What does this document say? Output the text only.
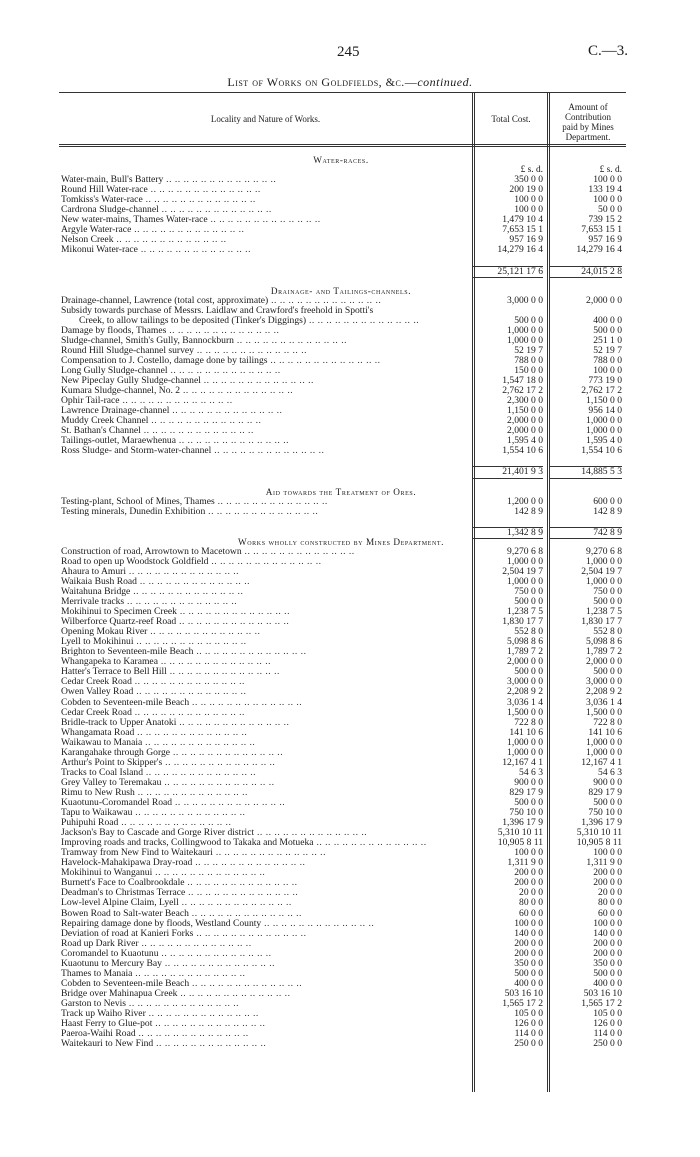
245	C.—3.
List of Works on Goldfields, &c.—continued.
Locality and Nature of Works.	Total Cost.
Amount of
Contribution
paid by Mines
Department.
Water-races.
£ s. d.	£ s. d.
Water-main, Bull's Battery .. .. .. .. .. .. .. .. .. .. .. .. ..	350 0 0	100 0 0
Round Hill Water-race .. .. .. .. .. .. .. .. .. .. .. .. ..	200 19 0	133 19 4
Tomkiss's Water-race .. .. .. .. .. .. .. .. .. .. .. .. ..	100 0 0	100 0 0
Cardrona Sludge-channel .. .. .. .. .. .. .. .. .. .. .. .. ..	100 0 0	50 0 0
New water-mains, Thames Water-race .. .. .. .. .. .. .. .. .. .. .. .. ..	1,479 10 4	739 15 2
Argyle Water-race .. .. .. .. .. .. .. .. .. .. .. .. ..	7,653 15 1	7,653 15 1
Nelson Creek .. .. .. .. .. .. .. .. .. .. .. .. ..	957 16 9	957 16 9
Mikonui Water-race .. .. .. .. .. .. .. .. .. .. .. .. ..	14,279 16 4	14,279 16 4
25,121 17 6	24,015 2 8
Drainage- and Tailings-channels.
Drainage-channel, Lawrence (total cost, approximate) .. .. .. .. .. .. .. .. .. .. .. .. ..	3,000 0 0	2,000 0 0
Subsidy towards purchase of Messrs. Laidlaw and Crawford's freehold in Spotti's
Creek, to allow tailings to be deposited (Tinker's Diggings) .. .. .. .. .. .. .. .. .. .. .. .. ..	500 0 0	400 0 0
Damage by floods, Thames .. .. .. .. .. .. .. .. .. .. .. .. ..	1,000 0 0	500 0 0
Sludge-channel, Smith's Gully, Bannockburn .. .. .. .. .. .. .. .. .. .. .. .. ..	1,000 0 0	251 1 0
Round Hill Sludge-channel survey .. .. .. .. .. .. .. .. .. .. .. .. ..	52 19 7	52 19 7
Compensation to J. Costello, damage done by tailings .. .. .. .. .. .. .. .. .. .. .. .. ..	788 0 0	788 0 0
Long Gully Sludge-channel .. .. .. .. .. .. .. .. .. .. .. .. ..	150 0 0	100 0 0
New Pipeclay Gully Sludge-channel .. .. .. .. .. .. .. .. .. .. .. .. ..	1,547 18 0	773 19 0
Kumara Sludge-channel, No. 2 .. .. .. .. .. .. .. .. .. .. .. .. ..	2,762 17 2	2,762 17 2
Ophir Tail-race .. .. .. .. .. .. .. .. .. .. .. .. ..	2,300 0 0	1,150 0 0
Lawrence Drainage-channel .. .. .. .. .. .. .. .. .. .. .. .. ..	1,150 0 0	956 14 0
Muddy Creek Channel .. .. .. .. .. .. .. .. .. .. .. .. ..	2,000 0 0	1,000 0 0
St. Bathan's Channel .. .. .. .. .. .. .. .. .. .. .. .. ..	2,000 0 0	1,000 0 0
Tailings-outlet, Maraewhenua .. .. .. .. .. .. .. .. .. .. .. .. ..	1,595 4 0	1,595 4 0
Ross Sludge- and Storm-water-channel .. .. .. .. .. .. .. .. .. .. .. .. ..	1,554 10 6	1,554 10 6
21,401 9 3	14,885 5 3
Aid towards the Treatment of Ores.
Testing-plant, School of Mines, Thames .. .. .. .. .. .. .. .. .. .. .. .. ..	1,200 0 0	600 0 0
Testing minerals, Dunedin Exhibition .. .. .. .. .. .. .. .. .. .. .. .. ..	142 8 9	142 8 9
1,342 8 9	742 8 9
Works wholly constructed by Mines Department.
Construction of road, Arrowtown to Macetown .. .. .. .. .. .. .. .. .. .. .. .. ..	9,270 6 8	9,270 6 8
Road to open up Woodstock Goldfield .. .. .. .. .. .. .. .. .. .. .. .. ..	1,000 0 0	1,000 0 0
Ahaura to Amuri .. .. .. .. .. .. .. .. .. .. .. .. ..	2,504 19 7	2,504 19 7
Waikaia Bush Road .. .. .. .. .. .. .. .. .. .. .. .. ..	1,000 0 0	1,000 0 0
Waitahuna Bridge .. .. .. .. .. .. .. .. .. .. .. .. ..	750 0 0	750 0 0
Merrivale tracks .. .. .. .. .. .. .. .. .. .. .. .. ..	500 0 0	500 0 0
Mokihinui to Specimen Creek .. .. .. .. .. .. .. .. .. .. .. .. ..	1,238 7 5	1,238 7 5
Wilberforce Quartz-reef Road .. .. .. .. .. .. .. .. .. .. .. .. ..	1,830 17 7	1,830 17 7
Opening Mokau River .. .. .. .. .. .. .. .. .. .. .. .. ..	552 8 0	552 8 0
Lyell to Mokihinui .. .. .. .. .. .. .. .. .. .. .. .. ..	5,098 8 6	5,098 8 6
Brighton to Seventeen-mile Beach .. .. .. .. .. .. .. .. .. .. .. .. ..	1,789 7 2	1,789 7 2
Whangapeka to Karamea .. .. .. .. .. .. .. .. .. .. .. .. ..	2,000 0 0	2,000 0 0
Hatter's Terrace to Bell Hill .. .. .. .. .. .. .. .. .. .. .. .. ..	500 0 0	500 0 0
Cedar Creek Road .. .. .. .. .. .. .. .. .. .. .. .. ..	3,000 0 0	3,000 0 0
Owen Valley Road .. .. .. .. .. .. .. .. .. .. .. .. ..	2,208 9 2	2,208 9 2
Cobden to Seventeen-mile Beach .. .. .. .. .. .. .. .. .. .. .. .. ..	3,036 1 4	3,036 1 4
Cedar Creek Road .. .. .. .. .. .. .. .. .. .. .. .. ..	1,500 0 0	1,500 0 0
Bridle-track to Upper Anatoki .. .. .. .. .. .. .. .. .. .. .. .. ..	722 8 0	722 8 0
Whangamata Road .. .. .. .. .. .. .. .. .. .. .. .. ..	141 10 6	141 10 6
Waikawau to Manaia .. .. .. .. .. .. .. .. .. .. .. .. ..	1,000 0 0	1,000 0 0
Karangahake through Gorge .. .. .. .. .. .. .. .. .. .. .. .. ..	1,000 0 0	1,000 0 0
Arthur's Point to Skipper's .. .. .. .. .. .. .. .. .. .. .. .. ..	12,167 4 1	12,167 4 1
Tracks to Coal Island .. .. .. .. .. .. .. .. .. .. .. .. ..	54 6 3	54 6 3
Grey Valley to Teremakau .. .. .. .. .. .. .. .. .. .. .. .. ..	900 0 0	900 0 0
Rimu to New Rush .. .. .. .. .. .. .. .. .. .. .. .. ..	829 17 9	829 17 9
Kuaotunu-Coromandel Road .. .. .. .. .. .. .. .. .. .. .. .. ..	500 0 0	500 0 0
Tapu to Waikawau .. .. .. .. .. .. .. .. .. .. .. .. ..	750 10 0	750 10 0
Puhipuhi Road .. .. .. .. .. .. .. .. .. .. .. .. ..	1,396 17 9	1,396 17 9
Jackson's Bay to Cascade and Gorge River district .. .. .. .. .. .. .. .. .. .. .. .. ..	5,310 10 11	5,310 10 11
Improving roads and tracks, Collingwood to Takaka and Motueka .. .. .. .. .. .. .. .. .. .. .. .. ..	10,905 8 11	10,905 8 11
Tramway from New Find to Waitekauri .. .. .. .. .. .. .. .. .. .. .. .. ..	100 0 0	100 0 0
Havelock-Mahakipawa Dray-road .. .. .. .. .. .. .. .. .. .. .. .. ..	1,311 9 0	1,311 9 0
Mokihinui to Wanganui .. .. .. .. .. .. .. .. .. .. .. .. ..	200 0 0	200 0 0
Burnett's Face to Coalbrookdale .. .. .. .. .. .. .. .. .. .. .. .. ..	200 0 0	200 0 0
Deadman's to Christmas Terrace .. .. .. .. .. .. .. .. .. .. .. .. ..	20 0 0	20 0 0
Low-level Alpine Claim, Lyell .. .. .. .. .. .. .. .. .. .. .. .. ..	80 0 0	80 0 0
Bowen Road to Salt-water Beach .. .. .. .. .. .. .. .. .. .. .. .. ..	60 0 0	60 0 0
Repairing damage done by floods, Westland County .. .. .. .. .. .. .. .. .. .. .. .. ..	100 0 0	100 0 0
Deviation of road at Kanieri Forks .. .. .. .. .. .. .. .. .. .. .. .. ..	140 0 0	140 0 0
Road up Dark River .. .. .. .. .. .. .. .. .. .. .. .. ..	200 0 0	200 0 0
Coromandel to Kuaotunu .. .. .. .. .. .. .. .. .. .. .. .. ..	200 0 0	200 0 0
Kuaotunu to Mercury Bay .. .. .. .. .. .. .. .. .. .. .. .. ..	350 0 0	350 0 0
Thames to Manaia .. .. .. .. .. .. .. .. .. .. .. .. ..	500 0 0	500 0 0
Cobden to Seventeen-mile Beach .. .. .. .. .. .. .. .. .. .. .. .. ..	400 0 0	400 0 0
Bridge over Mahinapua Creek .. .. .. .. .. .. .. .. .. .. .. .. ..	503 16 10	503 16 10
Garston to Nevis .. .. .. .. .. .. .. .. .. .. .. .. ..	1,565 17 2	1,565 17 2
Track up Waiho River .. .. .. .. .. .. .. .. .. .. .. .. ..	105 0 0	105 0 0
Haast Ferry to Glue-pot .. .. .. .. .. .. .. .. .. .. .. .. ..	126 0 0	126 0 0
Paeroa-Waihi Road .. .. .. .. .. .. .. .. .. .. .. .. ..	114 0 0	114 0 0
Waitekauri to New Find .. .. .. .. .. .. .. .. .. .. .. .. ..	250 0 0	250 0 0
